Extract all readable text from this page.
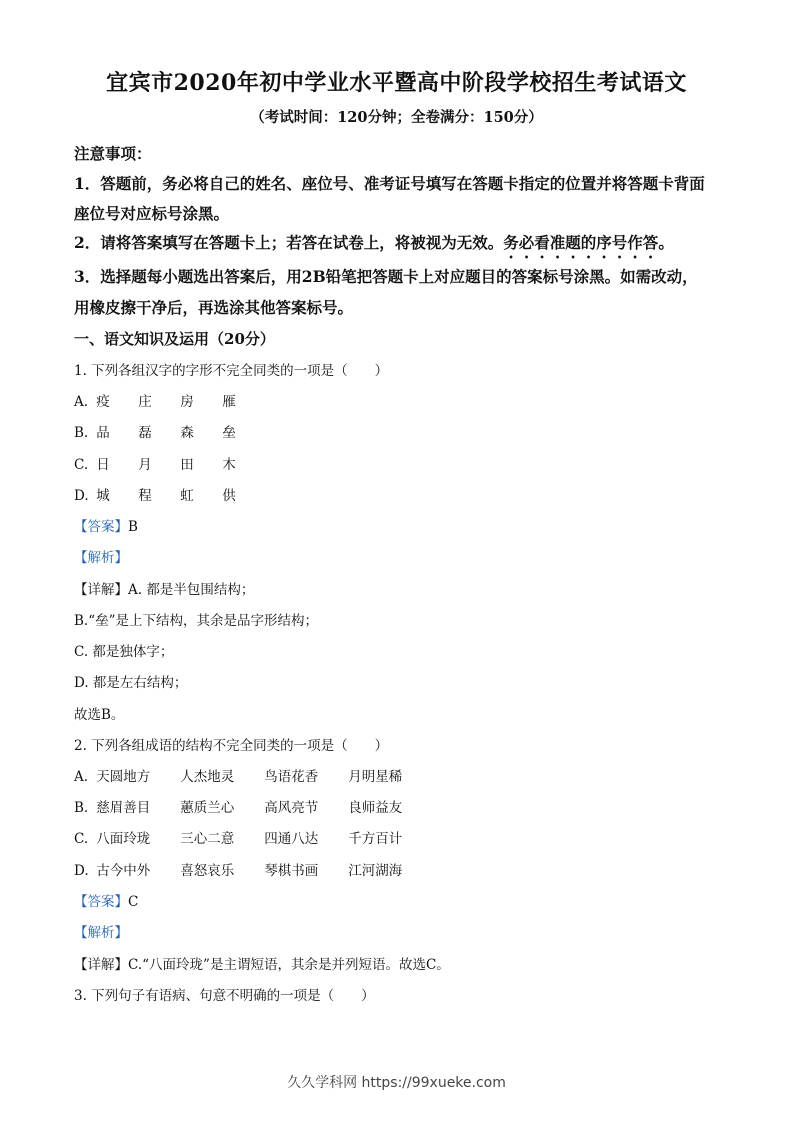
宜宾市2020年初中学业水平暨高中阶段学校招生考试语文
（考试时间：120分钟；全卷满分：150分）
注意事项：
1．答题前，务必将自己的姓名、座位号、准考证号填写在答题卡指定的位置并将答题卡背面
座位号对应标号涂黑。
2．请将答案填写在答题卡上；若答在试卷上，将被视为无效。务必看准题的序号作答。
3．选择题每小题选出答案后，用2B铅笔把答题卡上对应题目的答案标号涂黑。如需改动，
用橡皮擦干净后，再选涂其他答案标号。
一、语文知识及运用（20分）
1. 下列各组汉字的字形不完全同类的一项是（　　）
A. 疫 庄 房 雁
B. 品 磊 森 垒
C. 日 月 田 木
D. 城 程 虹 供
【答案】B
【解析】
【详解】A. 都是半包围结构；
B.“垒”是上下结构，其余是品字形结构；
C. 都是独体字；
D. 都是左右结构；
故选B。
2. 下列各组成语的结构不完全同类的一项是（　　）
A. 天圆地方 人杰地灵 鸟语花香 月明星稀
B. 慈眉善目 蕙质兰心 高风亮节 良师益友
C. 八面玲珑 三心二意 四通八达 千方百计
D. 古今中外 喜怒哀乐 琴棋书画 江河湖海
【答案】C
【解析】
【详解】C.“八面玲珑”是主谓短语，其余是并列短语。故选C。
3. 下列句子有语病、句意不明确的一项是（　　）
久久学科网 https://99xueke.com
